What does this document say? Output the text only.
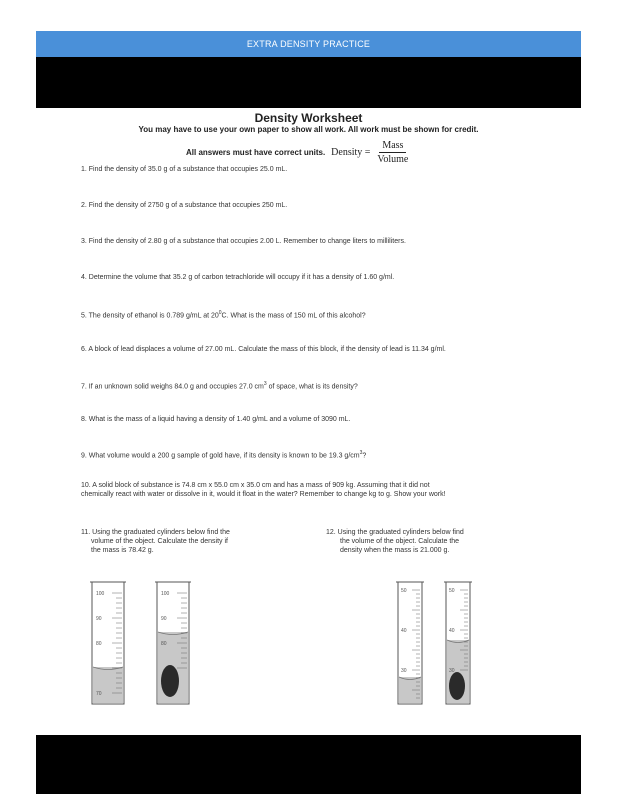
EXTRA DENSITY PRACTICE
Density Worksheet
You may have to use your own paper to show all work. All work must be shown for credit.
All answers must have correct units. Density = $\frac{\text{Mass}}{\text{Volume}}$
1. Find the density of 35.0 g of a substance that occupies 25.0 mL.
2. Find the density of 2750 g of a substance that occupies 250 mL.
3. Find the density of 2.80 g of a substance that occupies 2.00 L. Remember to change liters to milliliters.
4. Determine the volume that 35.2 g of carbon tetrachloride will occupy if it has a density of 1.60 g/ml.
5. The density of ethanol is 0.789 g/mL at $20^0C$. What is the mass of 150 mL of this alcohol?
6. A block of lead displaces a volume of 27.00 mL. Calculate the mass of this block, if the density of lead is 11.34 g/ml.
7. If an unknown solid weighs 84.0 g and occupies 27.0 $cm^3$ of space, what is its density?
8. What is the mass of a liquid having a density of 1.40 g/mL and a volume of 3090 mL.
9. What volume would a 200 g sample of gold have, if its density is known to be 19.3 $g/cm^3$?
10. A solid block of substance is 74.8 cm x 55.0 cm x 35.0 cm and has a mass of 909 kg. Assuming that it did not
chemically react with water or dissolve in it, would it float in the water? Remember to change kg to g. Show your work!
11. Using the graduated cylinders below find the
volume of the object. Calculate the density if
the mass is 78.42 g.
12. Using the graduated cylinders below find
the volume of the object. Calculate the
density when the mass is 21.000 g.
100
90
80
70
100
90
80
50
40
30
50
40
30
